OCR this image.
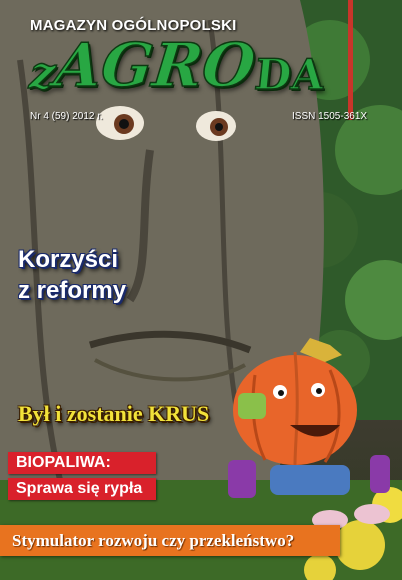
MAGAZYN OGÓLNOPOLSKI
zAGRODA
Nr 4 (59) 2012 r.	ISSN 1505-361X
Korzyści
z reformy
Był i zostanie KRUS
BIOPALIWA:
Sprawa się rypła
Stymulator rozwoju czy przekleństwo?
